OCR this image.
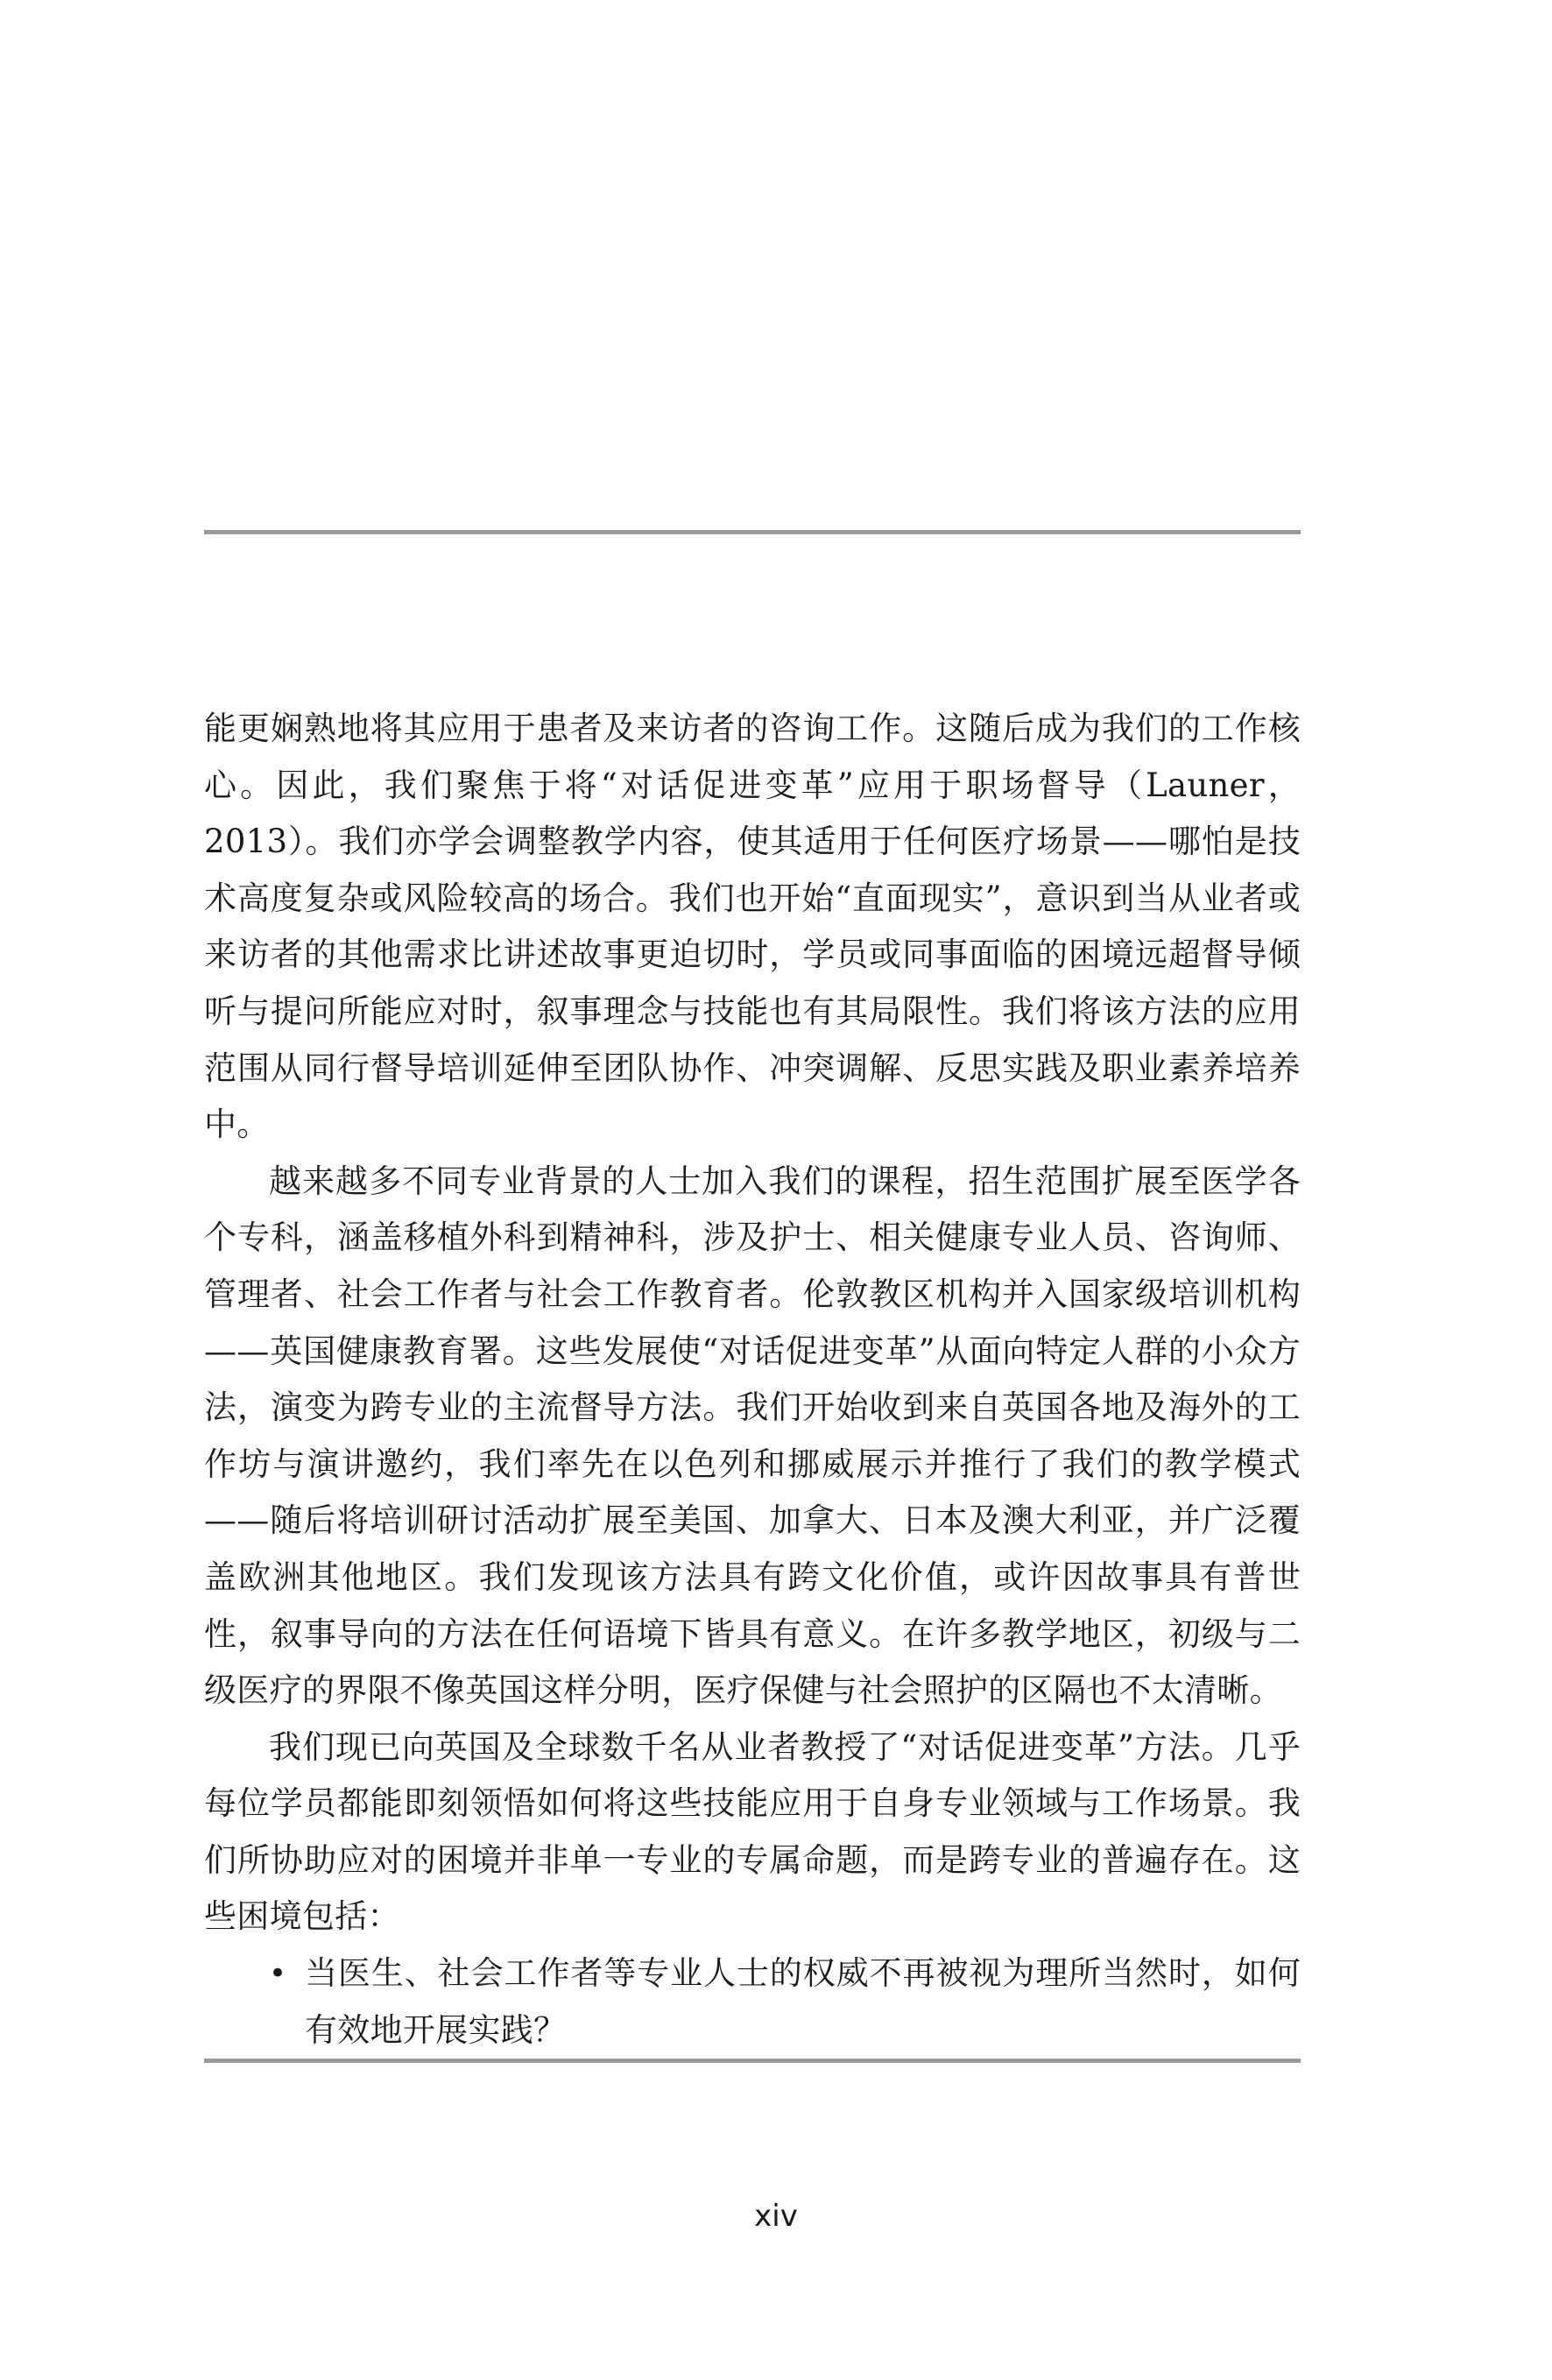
能更娴熟地将其应用于患者及来访者的咨询工作。这随后成为我们的工作核心。因此，我们聚焦于将“对话促进变革”应用于职场督导（Launer，2013）。我们亦学会调整教学内容，使其适用于任何医疗场景——哪怕是技术高度复杂或风险较高的场合。我们也开始“直面现实”，意识到当从业者或来访者的其他需求比讲述故事更迫切时，学员或同事面临的困境远超督导倾听与提问所能应对时，叙事理念与技能也有其局限性。我们将该方法的应用范围从同行督导培训延伸至团队协作、冲突调解、反思实践及职业素养培养中。

越来越多不同专业背景的人士加入我们的课程，招生范围扩展至医学各个专科，涵盖移植外科到精神科，涉及护士、相关健康专业人员、咨询师、管理者、社会工作者与社会工作教育者。伦敦教区机构并入国家级培训机构——英国健康教育署。这些发展使“对话促进变革”从面向特定人群的小众方法，演变为跨专业的主流督导方法。我们开始收到来自英国各地及海外的工作坊与演讲邀约，我们率先在以色列和挪威展示并推行了我们的教学模式——随后将培训研讨活动扩展至美国、加拿大、日本及澳大利亚，并广泛覆盖欧洲其他地区。我们发现该方法具有跨文化价值，或许因故事具有普世性，叙事导向的方法在任何语境下皆具有意义。在许多教学地区，初级与二级医疗的界限不像英国这样分明，医疗保健与社会照护的区隔也不太清晰。

我们现已向英国及全球数千名从业者教授了“对话促进变革”方法。几乎每位学员都能即刻领悟如何将这些技能应用于自身专业领域与工作场景。我们所协助应对的困境并非单一专业的专属命题，而是跨专业的普遍存在。这些困境包括：

• 当医生、社会工作者等专业人士的权威不再被视为理所当然时，如何有效地开展实践？
xiv
